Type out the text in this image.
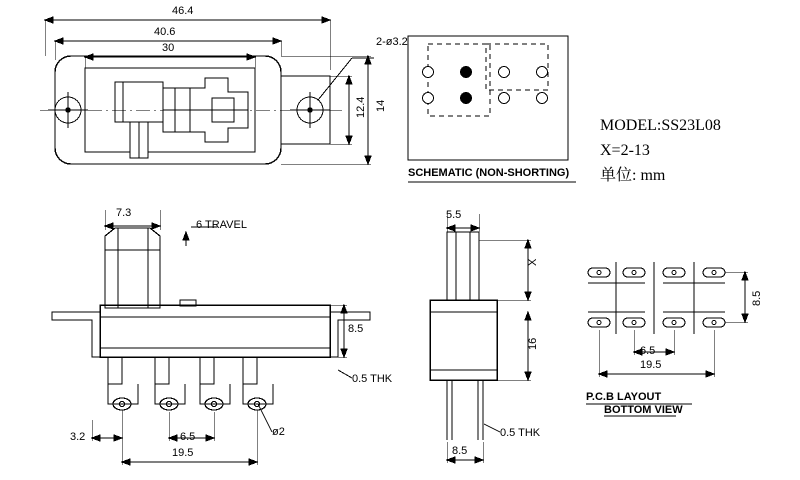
46.4
40.6
30
12.4 14
2-ø3.2
SCHEMATIC (NON-SHORTING)
MODEL:SS23L08
X=2-13
单位: mm
7.3
6 TRAVEL
8.5
0.5 THK
3.2	6.5	ø2
19.5
5.5
X
16
0.5 THK
8.5
8.5
6.5
19.5
P.C.B LAYOUT
BOTTOM VIEW
